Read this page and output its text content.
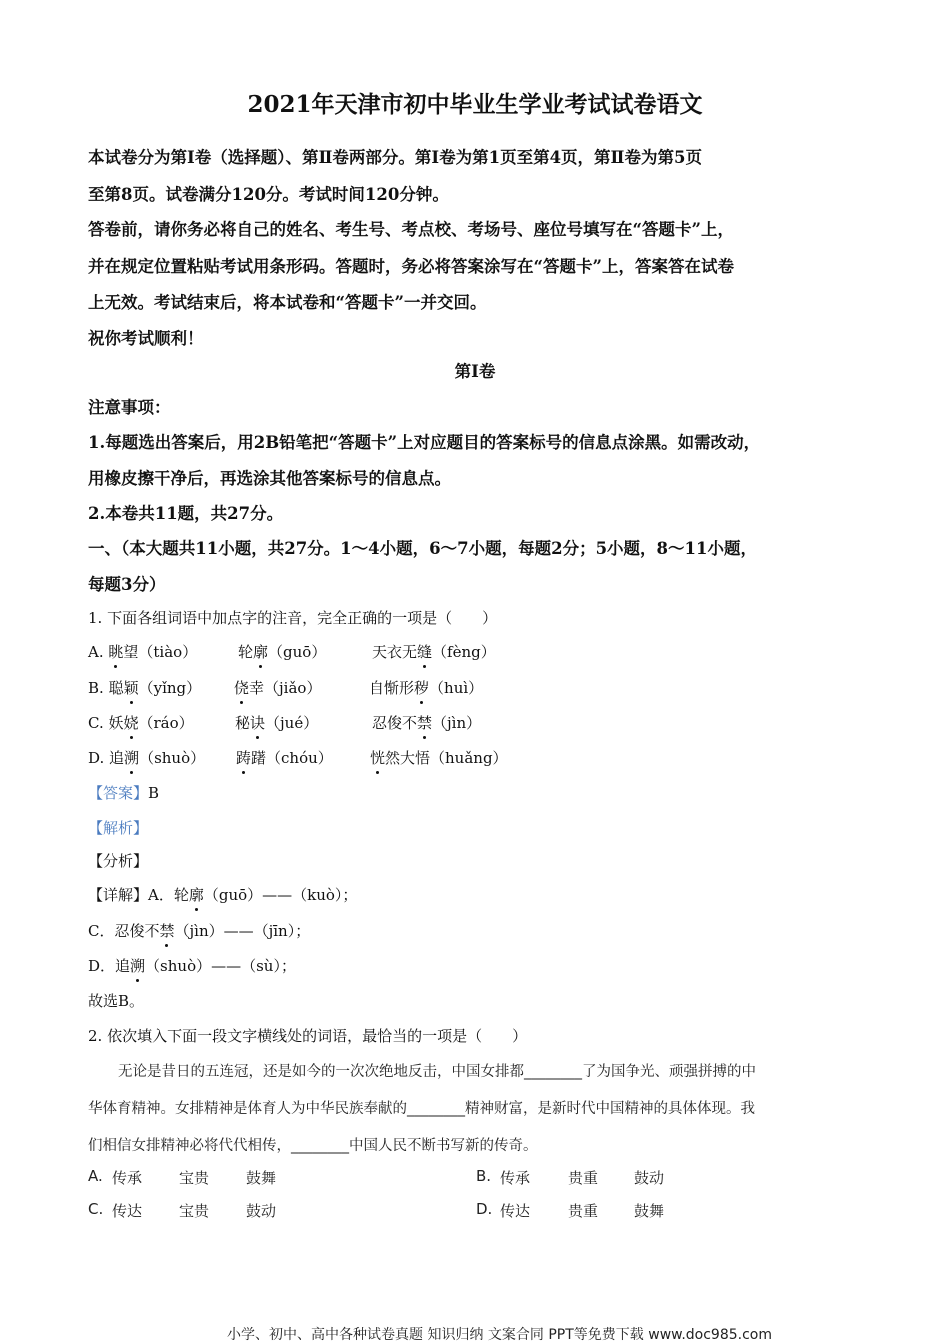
2021年天津市初中毕业生学业考试试卷语文
本试卷分为第Ⅰ卷（选择题）、第Ⅱ卷两部分。第Ⅰ卷为第1页至第4页，第Ⅱ卷为第5页
至第8页。试卷满分120分。考试时间120分钟。
答卷前，请你务必将自己的姓名、考生号、考点校、考场号、座位号填写在“答题卡”上，
并在规定位置粘贴考试用条形码。答题时，务必将答案涂写在“答题卡”上，答案答在试卷
上无效。考试结束后，将本试卷和“答题卡”一并交回。
祝你考试顺利！
第Ⅰ卷
注意事项：
1.每题选出答案后，用2B铅笔把“答题卡”上对应题目的答案标号的信息点涂黑。如需改动，
用橡皮擦干净后，再选涂其他答案标号的信息点。
2.本卷共11题，共27分。
一、（本大题共11小题，共27分。1～4小题，6～7小题，每题2分；5小题，8～11小题，
每题3分）
1. 下面各组词语中加点字的注音，完全正确的一项是（　　）
A. 眺望（tiào）	轮廓（guō）	天衣无缝（fèng）
B. 聪颖（yǐng） 侥幸（jiǎo）	自惭形秽（huì）
C. 妖娆（ráo）	秘诀（jué）	忍俊不禁（jìn）
D. 追溯（shuò） 踌躇（chóu） 恍然大悟（huǎng）
【答案】B
【解析】
【分析】
【详解】A．轮廓（guō）——（kuò）；
C．忍俊不禁（jìn）——（jīn）；
D．追溯（shuò）——（sù）；
故选B。
2. 依次填入下面一段文字横线处的词语，最恰当的一项是（　　）
无论是昔日的五连冠，还是如今的一次次绝地反击，中国女排都________了为国争光、顽强拼搏的中
华体育精神。女排精神是体育人为中华民族奉献的________精神财富，是新时代中国精神的具体体现。我
们相信女排精神必将代代相传，________中国人民不断书写新的传奇。
A. 传承 宝贵 鼓舞	B. 传承	贵重 鼓动
C. 传达 宝贵 鼓动	D. 传达	贵重 鼓舞
小学、初中、高中各种试卷真题 知识归纳 文案合同 PPT等免费下载 www.doc985.com
